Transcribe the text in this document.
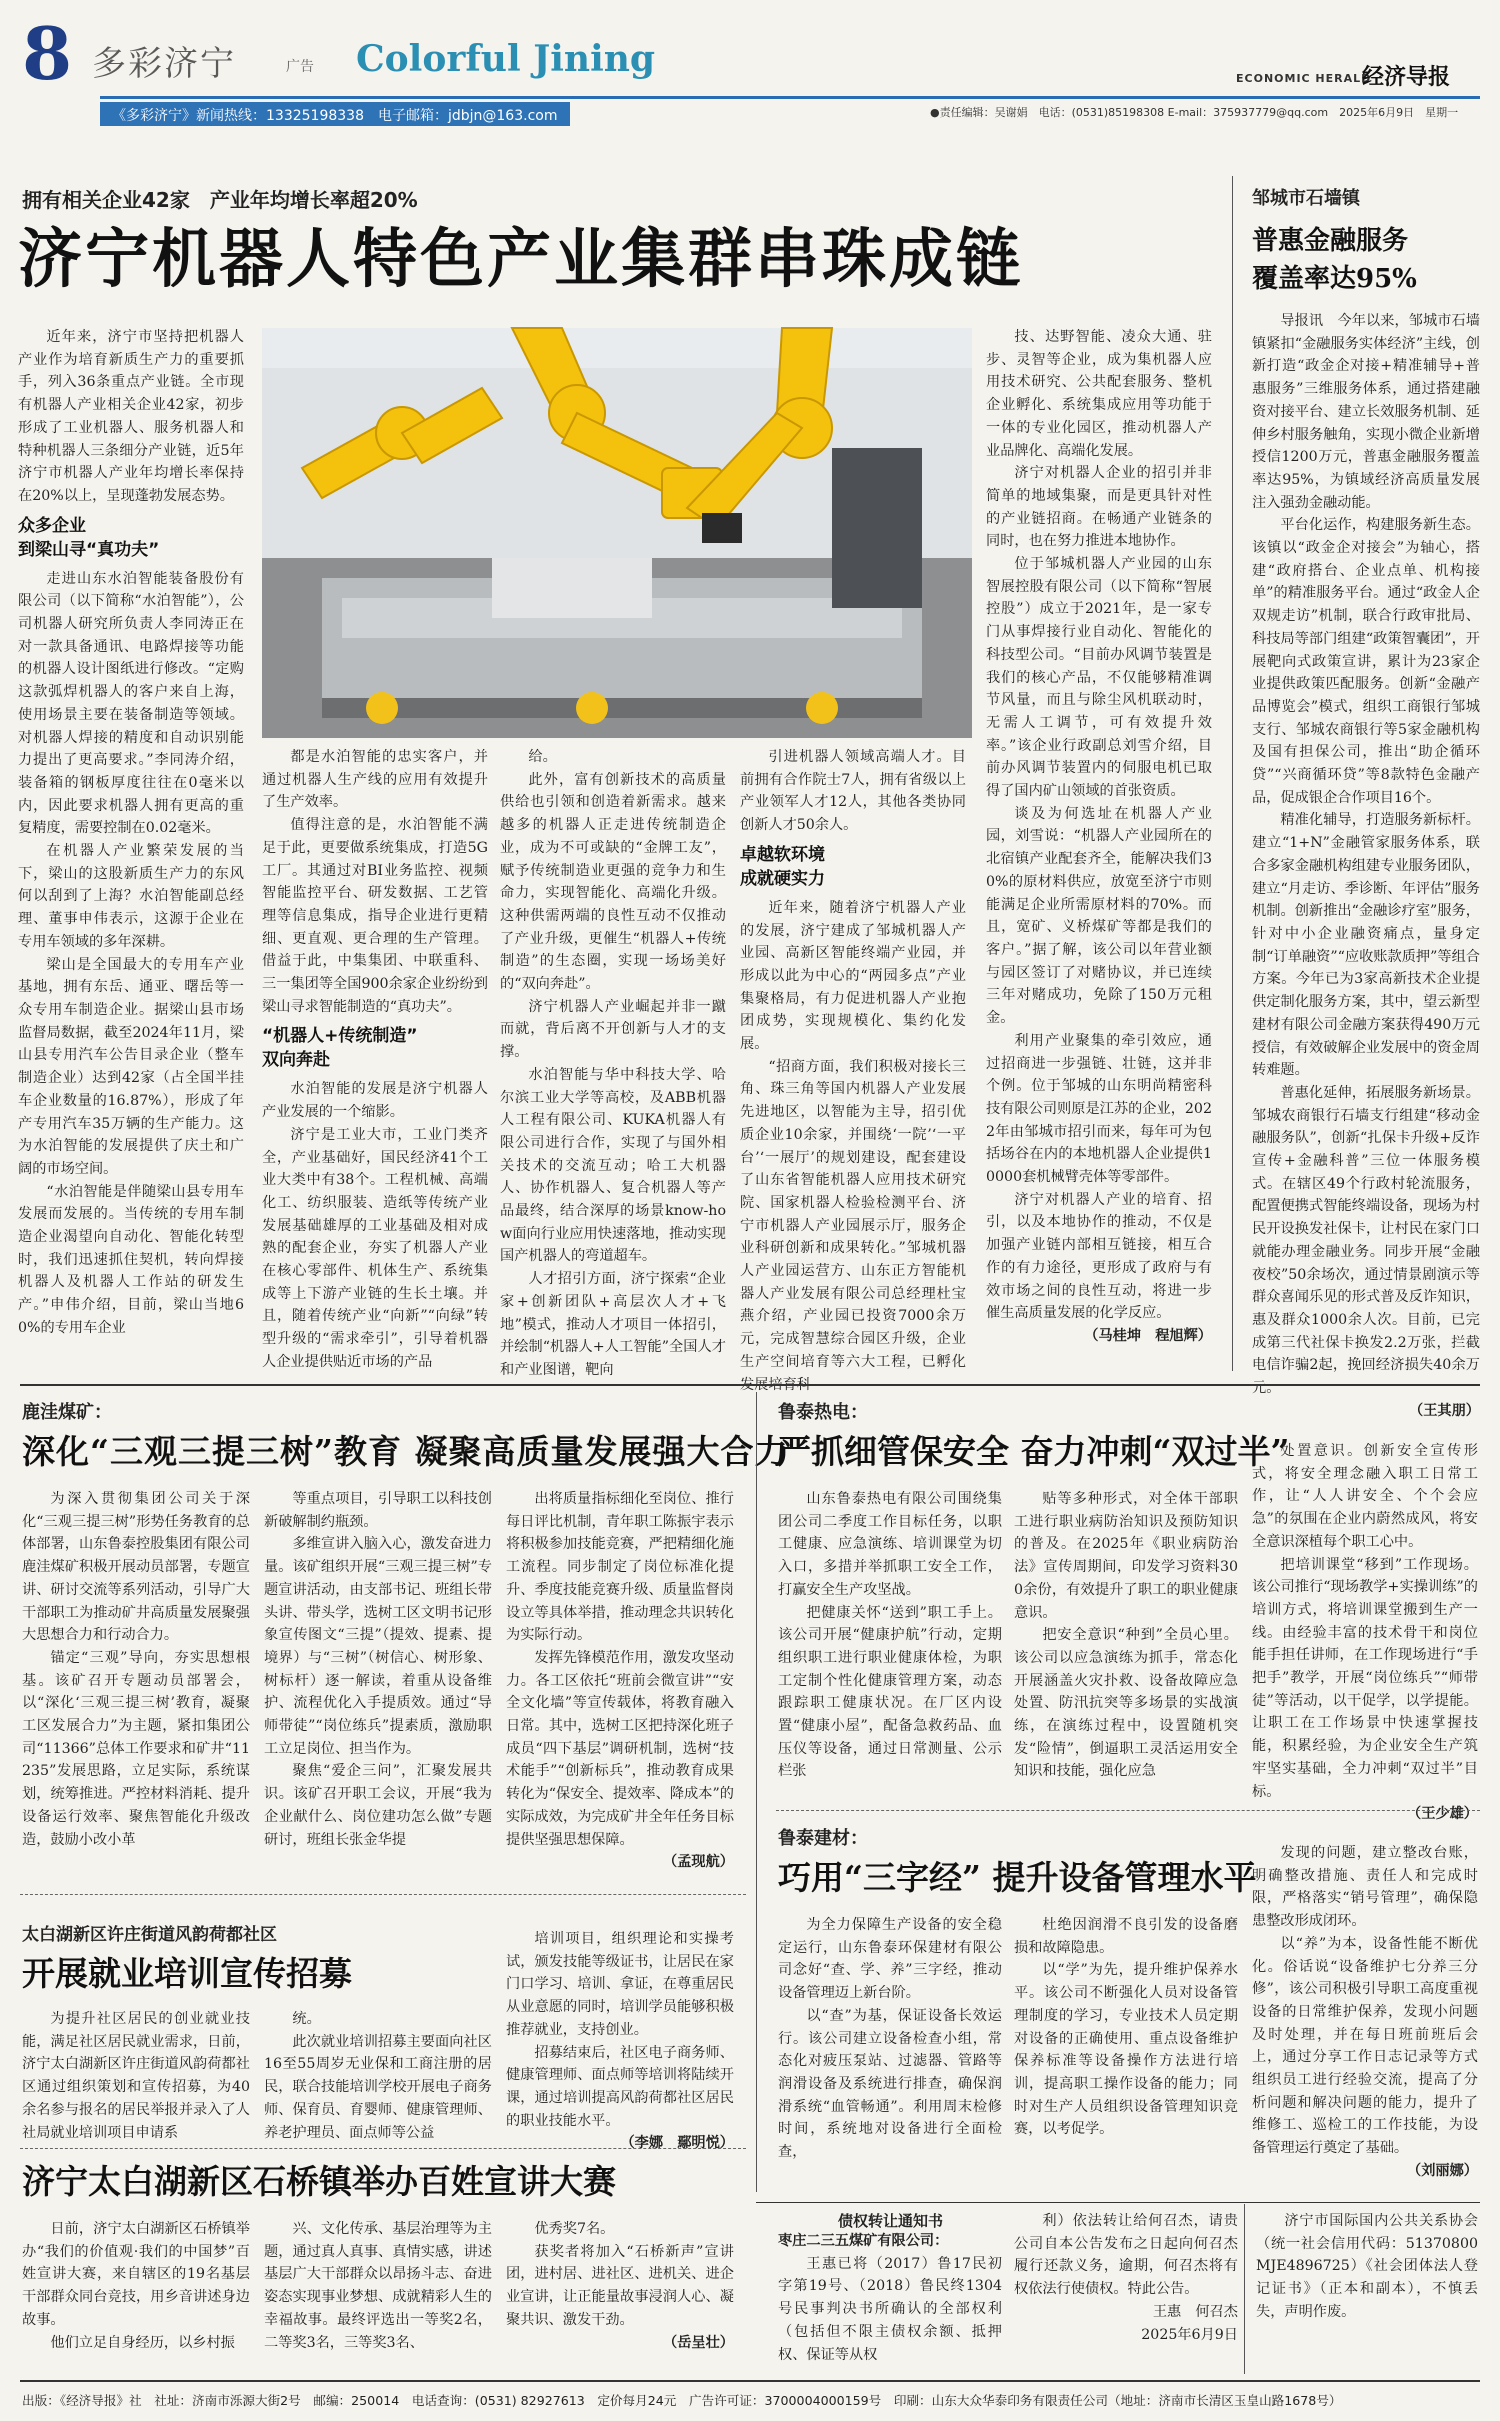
8 多彩济宁	广告 Colorful Jining	ECONOMIC HERALD
经济导报
《多彩济宁》新闻热线：13325198338　电子邮箱：jdbjn@163.com	●责任编辑：吴谢娟　电话：(0531)85198308 E-mail：375937779@qq.com　2025年6月9日　星期一
拥有相关企业42家　产业年均增长率超20%
济宁机器人特色产业集群串珠成链

近年来，济宁市坚持把机器人产业作为培育新质生产力的重要抓手，列入36条重点产业链。全市现有机器人产业相关企业42家，初步形成了工业机器人、服务机器人和特种机器人三条细分产业链，近5年济宁市机器人产业年均增长率保持在20%以上，呈现蓬勃发展态势。

众多企业
到梁山寻“真功夫”

走进山东水泊智能装备股份有限公司（以下简称“水泊智能”），公司机器人研究所负责人李同涛正在对一款具备通讯、电路焊接等功能的机器人设计图纸进行修改。“定购这款弧焊机器人的客户来自上海，使用场景主要在装备制造等领域。对机器人焊接的精度和自动识别能力提出了更高要求。”李同涛介绍，装备箱的钢板厚度往往在0毫米以内，因此要求机器人拥有更高的重复精度，需要控制在0.02毫米。

在机器人产业繁荣发展的当下，梁山的这股新质生产力的东风何以刮到了上海？水泊智能副总经理、董事申伟表示，这源于企业在专用车领域的多年深耕。

梁山是全国最大的专用车产业基地，拥有东岳、通亚、曙岳等一众专用车制造企业。据梁山县市场监督局数据，截至2024年11月，梁山县专用汽车公告目录企业（整车制造企业）达到42家（占全国半挂车企业数量的16.87%），形成了年产专用汽车35万辆的生产能力。这为水泊智能的发展提供了庆土和广阔的市场空间。

“水泊智能是伴随梁山县专用车发展而发展的。当传统的专用车制造企业渴望向自动化、智能化转型时，我们迅速抓住契机，转向焊接机器人及机器人工作站的研发生产。”申伟介绍，目前，梁山当地60%的专用车企业

都是水泊智能的忠实客户，并通过机器人生产线的应用有效提升了生产效率。

值得注意的是，水泊智能不满足于此，更要做系统集成，打造5G工厂。其通过对BI业务监控、视频智能监控平台、研发数据、工艺管理等信息集成，指导企业进行更精细、更直观、更合理的生产管理。借益于此，中集集团、中联重科、三一集团等全国900余家企业纷纷到梁山寻求智能制造的“真功夫”。

“机器人+传统制造”
双向奔赴

水泊智能的发展是济宁机器人产业发展的一个缩影。

济宁是工业大市，工业门类齐全，产业基础好，国民经济41个工业大类中有38个。工程机械、高端化工、纺织服装、造纸等传统产业发展基础雄厚的工业基础及相对成熟的配套企业，夯实了机器人产业在核心零部件、机体生产、系统集成等上下游产业链的生长土壤。并且，随着传统产业“向新”“向绿”转型升级的“需求牵引”，引导着机器人企业提供贴近市场的产品

给。

此外，富有创新技术的高质量供给也引领和创造着新需求。越来越多的机器人正走进传统制造企业，成为不可或缺的“金牌工友”，赋予传统制造业更强的竞争力和生命力，实现智能化、高端化升级。这种供需两端的良性互动不仅推动了产业升级，更催生“机器人+传统制造”的生态圈，实现一场场美好的“双向奔赴”。

济宁机器人产业崛起并非一蹴而就，背后离不开创新与人才的支撑。

水泊智能与华中科技大学、哈尔滨工业大学等高校，及ABB机器人工程有限公司、KUKA机器人有限公司进行合作，实现了与国外相关技术的交流互动；哈工大机器人、协作机器人、复合机器人等产品最终，结合深厚的场景know-how面向行业应用快速落地，推动实现国产机器人的弯道超车。

人才招引方面，济宁探索“企业家+创新团队+高层次人才+飞地”模式，推动人才项目一体招引，并绘制“机器人+人工智能”全国人才和产业图谱，靶向

引进机器人领域高端人才。目前拥有合作院士7人，拥有省级以上产业领军人才12人，其他各类协同创新人才50余人。

卓越软环境
成就硬实力

近年来，随着济宁机器人产业的发展，济宁建成了邹城机器人产业园、高新区智能终端产业园，并形成以此为中心的“两园多点”产业集聚格局，有力促进机器人产业抱团成势，实现规模化、集约化发展。

“招商方面，我们积极对接长三角、珠三角等国内机器人产业发展先进地区，以智能为主导，招引优质企业10余家，并围绕‘一院’‘一平台’‘一展厅’的规划建设，配套建设了山东省智能机器人应用技术研究院、国家机器人检验检测平台、济宁市机器人产业园展示厅，服务企业科研创新和成果转化。”邹城机器人产业园运营方、山东正方智能机器人产业发展有限公司总经理杜宝燕介绍，产业园已投资7000余万元，完成智慧综合园区升级，企业生产空间培育等六大工程，已孵化发展培育科

技、达野智能、凌众大通、驻步、灵智等企业，成为集机器人应用技术研究、公共配套服务、整机企业孵化、系统集成应用等功能于一体的专业化园区，推动机器人产业品牌化、高端化发展。

济宁对机器人企业的招引并非简单的地域集聚，而是更具针对性的产业链招商。在畅通产业链条的同时，也在努力推进本地协作。

位于邹城机器人产业园的山东智展控股有限公司（以下简称“智展控股”）成立于2021年，是一家专门从事焊接行业自动化、智能化的科技型公司。“目前办风调节装置是我们的核心产品，不仅能够精准调节风量，而且与除尘风机联动时，无需人工调节，可有效提升效率。”该企业行政副总刘雪介绍，目前办风调节装置内的伺服电机已取得了国内矿山领域的首张资质。

谈及为何选址在机器人产业园，刘雪说：“机器人产业园所在的北宿镇产业配套齐全，能解决我们30%的原材料供应，放宽至济宁市则能满足企业所需原材料的70%。而且，宽矿、义桥煤矿等都是我们的客户。”据了解，该公司以年营业额与园区签订了对赌协议，并已连续三年对赌成功，免除了150万元租金。

利用产业聚集的牵引效应，通过招商进一步强链、壮链，这并非个例。位于邹城的山东明尚精密科技有限公司则原是江苏的企业，2022年由邹城市招引而来，每年可为包括场谷在内的本地机器人企业提供10000套机械臂壳体等零部件。

济宁对机器人产业的培育、招引，以及本地协作的推动，不仅是加强产业链内部相互链接，相互合作的有力途径，更形成了政府与有效市场之间的良性互动，将进一步催生高质量发展的化学反应。

（马桂坤　程旭辉）

邹城市石墙镇
普惠金融服务
覆盖率达95%

导报讯　今年以来，邹城市石墙镇紧扣“金融服务实体经济”主线，创新打造“政金企对接+精准辅导+普惠服务”三维服务体系，通过搭建融资对接平台、建立长效服务机制、延伸乡村服务触角，实现小微企业新增授信1200万元，普惠金融服务覆盖率达95%，为镇域经济高质量发展注入强劲金融动能。

平台化运作，构建服务新生态。该镇以“政金企对接会”为轴心，搭建“政府搭台、企业点单、机构接单”的精准服务平台。通过“政金人企双规走访”机制，联合行政审批局、科技局等部门组建“政策智囊团”，开展靶向式政策宣讲，累计为23家企业提供政策匹配服务。创新“金融产品博览会”模式，组织工商银行邹城支行、邹城农商银行等5家金融机构及国有担保公司，推出“助企循环贷”“兴商循环贷”等8款特色金融产品，促成银企合作项目16个。

精准化辅导，打造服务新标杆。建立“1+N”金融管家服务体系，联合多家金融机构组建专业服务团队，建立“月走访、季诊断、年评估”服务机制。创新推出“金融诊疗室”服务，针对中小企业融资痛点，量身定制“订单融资”“应收账款质押”等组合方案。今年已为3家高新技术企业提供定制化服务方案，其中，望云新型建材有限公司金融方案获得490万元授信，有效破解企业发展中的资金周转难题。

普惠化延伸，拓展服务新场景。邹城农商银行石墙支行组建“移动金融服务队”，创新“扎保卡升级+反诈宣传+金融科普”三位一体服务模式。在辖区49个行政村轮流服务，配置便携式智能终端设备，现场为村民开设换发社保卡，让村民在家门口就能办理金融业务。同步开展“金融夜校”50余场次，通过情景剧演示等群众喜闻乐见的形式普及反诈知识，惠及群众1000余人次。目前，已完成第三代社保卡换发2.2万张，拦截电信诈骗2起，挽回经济损失40余万元。

（王其朋）

鹿洼煤矿：
深化“三观三提三树”教育 凝聚高质量发展强大合力

为深入贯彻集团公司关于深化“三观三提三树”形势任务教育的总体部署，山东鲁泰控股集团有限公司鹿洼煤矿积极开展动员部署，专题宣讲、研讨交流等系列活动，引导广大干部职工为推动矿井高质量发展聚强大思想合力和行动合力。

锚定“三观”导向，夯实思想根基。该矿召开专题动员部署会，以“深化‘三观三提三树’教育，凝聚工区发展合力”为主题，紧扣集团公司“11366”总体工作要求和矿井“11235”发展思路，立足实际，系统谋划，统筹推进。严控材料消耗、提升设备运行效率、聚焦智能化升级改造，鼓励小改小革

等重点项目，引导职工以科技创新破解制约瓶颈。

多维宣讲入脑入心，激发奋进力量。该矿组织开展“三观三提三树”专题宣讲活动，由支部书记、班组长带头讲、带头学，选树工区文明书记形象宣传图文“三提”（提效、提素、提境界）与“三树”（树信心、树形象、树标杆）逐一解读，着重从设备维护、流程优化入手提质效。通过“导师带徒”“岗位练兵”提素质，激励职工立足岗位、担当作为。

聚焦“爱企三问”，汇聚发展共识。该矿召开职工会议，开展“我为企业献什么、岗位建功怎么做”专题研讨，班组长张金华提

出将质量指标细化至岗位、推行每日评比机制，青年职工陈振宇表示将积极参加技能竞赛，严把精细化施工流程。同步制定了岗位标准化提升、季度技能竞赛升级、质量监督岗设立等具体举措，推动理念共识转化为实际行动。

发挥先锋模范作用，激发攻坚动力。各工区依托“班前会微宣讲”“安全文化墙”等宣传载体，将教育融入日常。其中，选树工区把持深化班子成员“四下基层”调研机制，选树“技术能手”“创新标兵”，推动教育成果转化为“保安全、提效率、降成本”的实际成效，为完成矿井全年任务目标提供坚强思想保障。

（孟现航）

鲁泰热电：
严抓细管保安全 奋力冲刺“双过半”

山东鲁泰热电有限公司围绕集团公司二季度工作目标任务，以职工健康、应急演练、培训课堂为切入口，多措并举抓职工安全工作，打赢安全生产攻坚战。

把健康关怀“送到”职工手上。该公司开展“健康护航”行动，定期组织职工进行职业健康体检，为职工定制个性化健康管理方案，动态跟踪职工健康状况。在厂区内设置“健康小屋”，配备急救药品、血压仪等设备，通过日常测量、公示栏张

贴等多种形式，对全体干部职工进行职业病防治知识及预防知识的普及。在2025年《职业病防治法》宣传周期间，印发学习资料300余份，有效提升了职工的职业健康意识。

把安全意识“种到”全员心里。该公司以应急演练为抓手，常态化开展涵盖火灾扑救、设备故障应急处置、防汛抗突等多场景的实战演练，在演练过程中，设置随机突发“险情”，倒逼职工灵活运用安全知识和技能，强化应急

处置意识。创新安全宣传形式，将安全理念融入职工日常工作，让“人人讲安全、个个会应急”的氛围在企业内蔚然成风，将安全意识深植每个职工心中。

把培训课堂“移到”工作现场。该公司推行“现场教学+实操训练”的培训方式，将培训课堂搬到生产一线。由经验丰富的技术骨干和岗位能手担任讲师，在工作现场进行“手把手”教学，开展“岗位练兵”“师带徒”等活动，以干促学，以学提能。让职工在工作场景中快速掌握技能，积累经验，为企业安全生产筑牢坚实基础，全力冲刺“双过半”目标。

（王少雄）

鲁泰建材：
巧用“三字经” 提升设备管理水平

为全力保障生产设备的安全稳定运行，山东鲁泰环保建材有限公司念好“查、学、养”三字经，推动设备管理迈上新台阶。

以“查”为基，保证设备长效运行。该公司建立设备检查小组，常态化对疲压泵站、过滤器、管路等润滑设备及系统进行排查，确保润滑系统“血管畅通”。利用周末检修时间，系统地对设备进行全面检查，

杜绝因润滑不良引发的设备磨损和故障隐患。

以“学”为先，提升维护保养水平。该公司不断强化人员对设备管理制度的学习，专业技术人员定期对设备的正确使用、重点设备维护保养标准等设备操作方法进行培训，提高职工操作设备的能力；同时对生产人员组织设备管理知识竞赛，以考促学。

发现的问题，建立整改台账，明确整改措施、责任人和完成时限，严格落实“销号管理”，确保隐患整改形成闭环。

以“养”为本，设备性能不断优化。俗话说“设备维护七分养三分修”，该公司积极引导职工高度重视设备的日常维护保养，发现小问题及时处理，并在每日班前班后会上，通过分享工作日志记录等方式组织员工进行经验交流，提高了分析问题和解决问题的能力，提升了维修工、巡检工的工作技能，为设备管理运行奠定了基础。

（刘丽娜）

太白湖新区许庄街道风韵荷都社区
开展就业培训宣传招募

为提升社区居民的创业就业技能，满足社区居民就业需求，日前，济宁太白湖新区许庄街道风韵荷都社区通过组织策划和宣传招募，为40余名参与报名的居民举报并录入了人社局就业培训项目申请系

统。

此次就业培训招募主要面向社区16至55周岁无业保和工商注册的居民，联合技能培训学校开展电子商务师、保育员、育婴师、健康管理师、养老护理员、面点师等公益

培训项目，组织理论和实操考试，颁发技能等级证书，让居民在家门口学习、培训、拿证，在尊重居民从业意愿的同时，培训学员能够积极推荐就业，支持创业。

招募结束后，社区电子商务师、健康管理师、面点师等培训将陆续开课，通过培训提高风韵荷都社区居民的职业技能水平。

（李娜　鄢明悦）

济宁太白湖新区石桥镇举办百姓宣讲大赛

日前，济宁太白湖新区石桥镇举办“我们的价值观·我们的中国梦”百姓宣讲大赛，来自辖区的19名基层干部群众同台竞技，用乡音讲述身边故事。

他们立足自身经历，以乡村振

兴、文化传承、基层治理等为主题，通过真人真事、真情实感，讲述基层广大干部群众以昂扬斗志、奋进姿态实现事业梦想、成就精彩人生的幸福故事。最终评选出一等奖2名，二等奖3名，三等奖3名、

优秀奖7名。

获奖者将加入“石桥新声”宣讲团，进村居、进社区、进机关、进企业宣讲，让正能量故事浸润人心、凝聚共识、激发干劲。

（岳呈壮）

债权转让通知书

枣庄二三五煤矿有限公司：

王惠已将（2017）鲁17民初字第19号、（2018）鲁民终1304号民事判决书所确认的全部权利（包括但不限主债权余额、抵押权、保证等从权

利）依法转让给何召杰，请贵公司自本公告发布之日起向何召杰履行还款义务，逾期，何召杰将有权依法行使债权。特此公告。

王惠　何召杰

2025年6月9日

济宁市国际国内公共关系协会（统一社会信用代码：51370800MJE4896725）《社会团体法人登记证书》（正本和副本），不慎丢失，声明作废。

出版：《经济导报》社　社址：济南市泺源大街2号　邮编：250014　电话查询：(0531) 82927613　定价每月24元　广告许可证：3700004000159号　印刷：山东大众华泰印务有限责任公司（地址：济南市长清区玉皇山路1678号）
